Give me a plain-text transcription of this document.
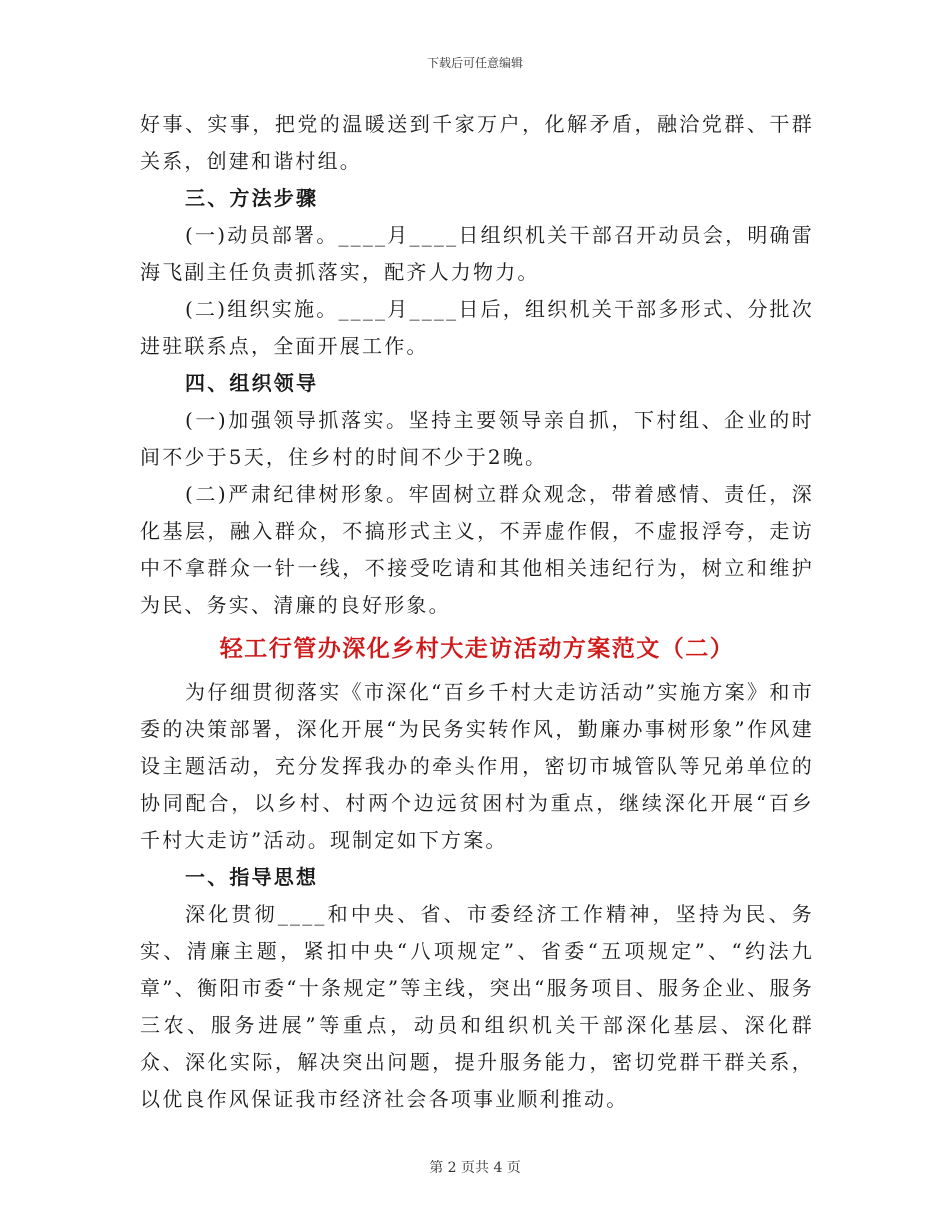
下载后可任意编辑

好事、实事，把党的温暖送到千家万户，化解矛盾，融洽党群、干群关系，创建和谐村组。

三、方法步骤

(一)动员部署。____月____日组织机关干部召开动员会，明确雷海飞副主任负责抓落实，配齐人力物力。

(二)组织实施。____月____日后，组织机关干部多形式、分批次进驻联系点，全面开展工作。

四、组织领导

(一)加强领导抓落实。坚持主要领导亲自抓，下村组、企业的时间不少于5天，住乡村的时间不少于2晚。

(二)严肃纪律树形象。牢固树立群众观念，带着感情、责任，深化基层，融入群众，不搞形式主义，不弄虚作假，不虚报浮夸，走访中不拿群众一针一线，不接受吃请和其他相关违纪行为，树立和维护为民、务实、清廉的良好形象。

轻工行管办深化乡村大走访活动方案范文（二）

为仔细贯彻落实《市深化“百乡千村大走访活动”实施方案》和市委的决策部署，深化开展“为民务实转作风，勤廉办事树形象”作风建设主题活动，充分发挥我办的牵头作用，密切市城管队等兄弟单位的协同配合，以乡村、村两个边远贫困村为重点，继续深化开展“百乡千村大走访”活动。现制定如下方案。

一、指导思想

深化贯彻____和中央、省、市委经济工作精神，坚持为民、务实、清廉主题，紧扣中央“八项规定”、省委“五项规定”、“约法九章”、衡阳市委“十条规定”等主线，突出“服务项目、服务企业、服务三农、服务进展”等重点，动员和组织机关干部深化基层、深化群众、深化实际，解决突出问题，提升服务能力，密切党群干群关系，以优良作风保证我市经济社会各项事业顺利推动。

第 2 页共 4 页
